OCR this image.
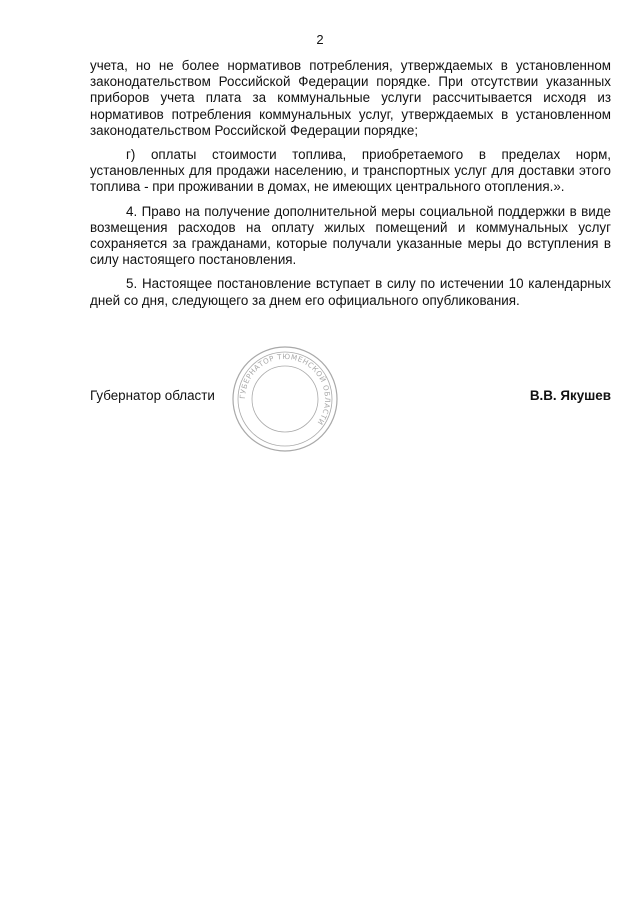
2

учета, но не более нормативов потребления, утверждаемых в установленном законодательством Российской Федерации порядке. При отсутствии указанных приборов учета плата за коммунальные услуги рассчитывается исходя из нормативов потребления коммунальных услуг, утверждаемых в установленном законодательством Российской Федерации порядке;

г) оплаты стоимости топлива, приобретаемого в пределах норм, установленных для продажи населению, и транспортных услуг для доставки этого топлива - при проживании в домах, не имеющих центрального отопления.».

4. Право на получение дополнительной меры социальной поддержки в виде возмещения расходов на оплату жилых помещений и коммунальных услуг сохраняется за гражданами, которые получали указанные меры до вступления в силу настоящего постановления.

5. Настоящее постановление вступает в силу по истечении 10 календарных дней со дня, следующего за днем его официального опубликования.

Губернатор области	В.В. Якушев
ГУБЕРНАТОР ТЮМЕНСКОЙ ОБЛАСТИ
